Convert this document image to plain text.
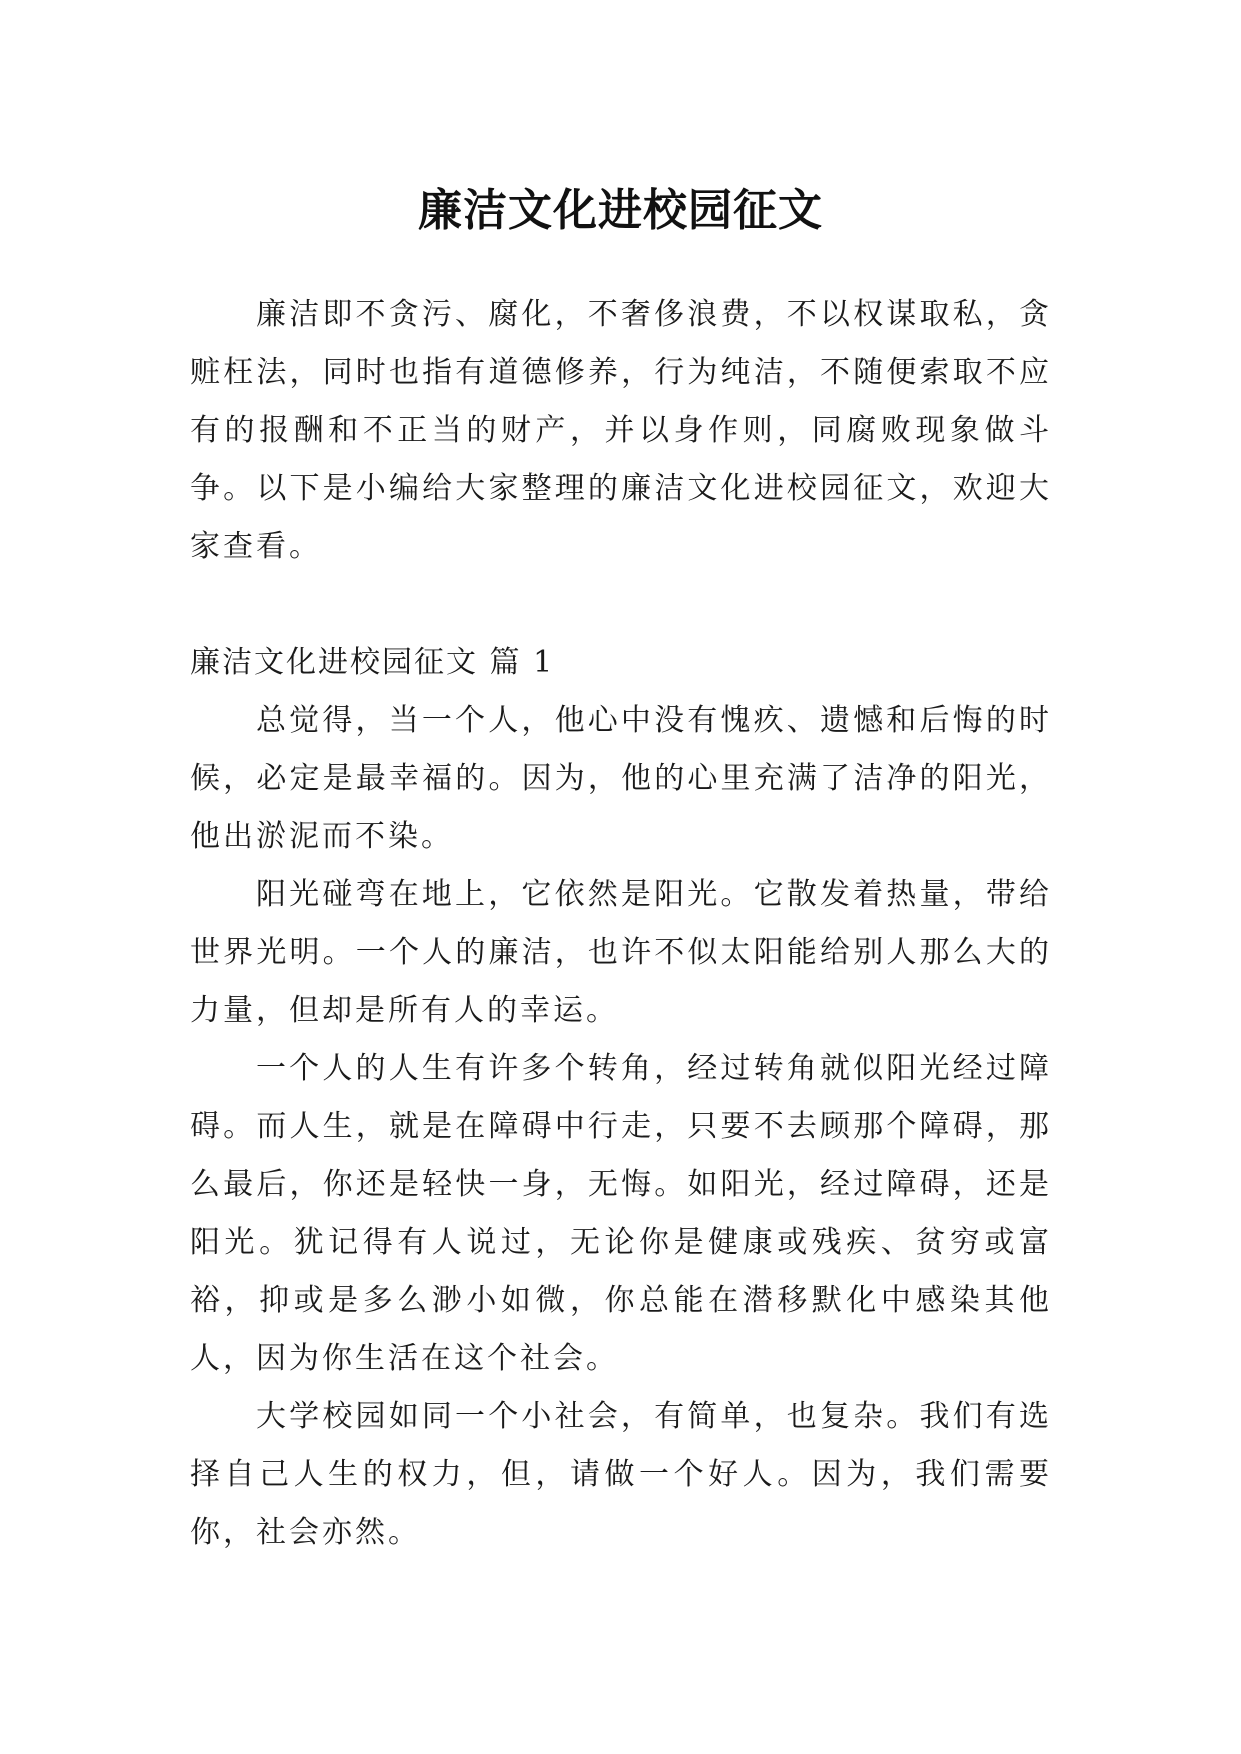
廉洁文化进校园征文

廉洁即不贪污、腐化，不奢侈浪费，不以权谋取私，贪赃枉法，同时也指有道德修养，行为纯洁，不随便索取不应有的报酬和不正当的财产，并以身作则，同腐败现象做斗争。以下是小编给大家整理的廉洁文化进校园征文，欢迎大家查看。

廉洁文化进校园征文 篇 1

总觉得，当一个人，他心中没有愧疚、遗憾和后悔的时候，必定是最幸福的。因为，他的心里充满了洁净的阳光，他出淤泥而不染。

阳光碰弯在地上，它依然是阳光。它散发着热量，带给世界光明。一个人的廉洁，也许不似太阳能给别人那么大的力量，但却是所有人的幸运。

一个人的人生有许多个转角，经过转角就似阳光经过障碍。而人生，就是在障碍中行走，只要不去顾那个障碍，那么最后，你还是轻快一身，无悔。如阳光，经过障碍，还是阳光。犹记得有人说过，无论你是健康或残疾、贫穷或富裕，抑或是多么渺小如微，你总能在潜移默化中感染其他人，因为你生活在这个社会。

大学校园如同一个小社会，有简单，也复杂。我们有选择自己人生的权力，但，请做一个好人。因为，我们需要你，社会亦然。
